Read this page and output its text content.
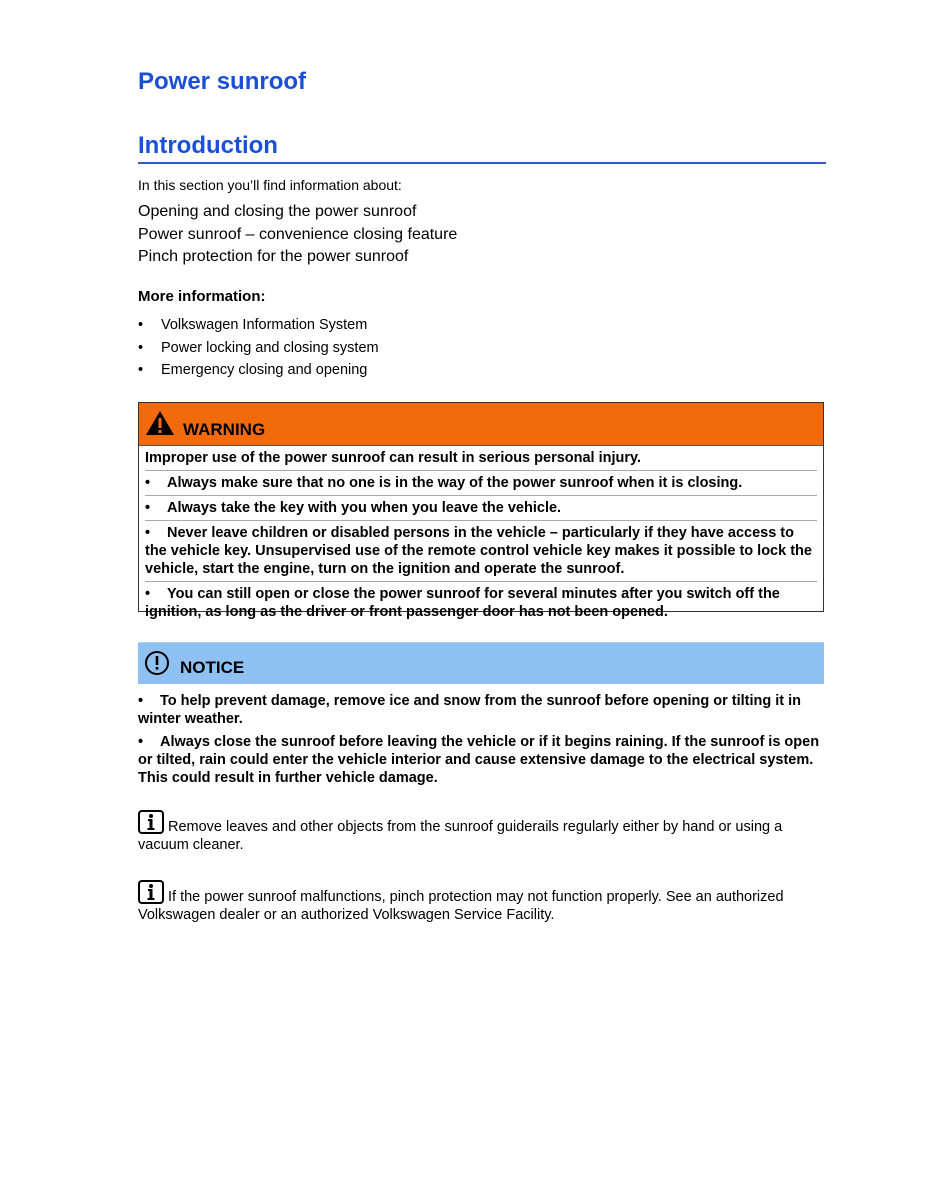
Power sunroof
Introduction
In this section you’ll find information about:
Opening and closing the power sunroof
Power sunroof – convenience closing feature
Pinch protection for the power sunroof
More information:
• Volkswagen Information System
• Power locking and closing system
• Emergency closing and opening
WARNING

Improper use of the power sunroof can result in serious personal injury.

• Always make sure that no one is in the way of the power sunroof when it is closing.

• Always take the key with you when you leave the vehicle.

• Never leave children or disabled persons in the vehicle – particularly if they have access to the vehicle key. Unsupervised use of the remote control vehicle key makes it possible to lock the vehicle, start the engine, turn on the ignition and operate the sunroof.

• You can still open or close the power sunroof for several minutes after you switch off the ignition, as long as the driver or front passenger door has not been opened.

NOTICE

• To help prevent damage, remove ice and snow from the sunroof before opening or tilting it in winter weather.

• Always close the sunroof before leaving the vehicle or if it begins raining. If the sunroof is open or tilted, rain could enter the vehicle interior and cause extensive damage to the electrical system. This could result in further vehicle damage.

Remove leaves and other objects from the sunroof guiderails regularly either by hand or using a vacuum cleaner.
If the power sunroof malfunctions, pinch protection may not function properly. See an authorized Volkswagen dealer or an authorized Volkswagen Service Facility.
